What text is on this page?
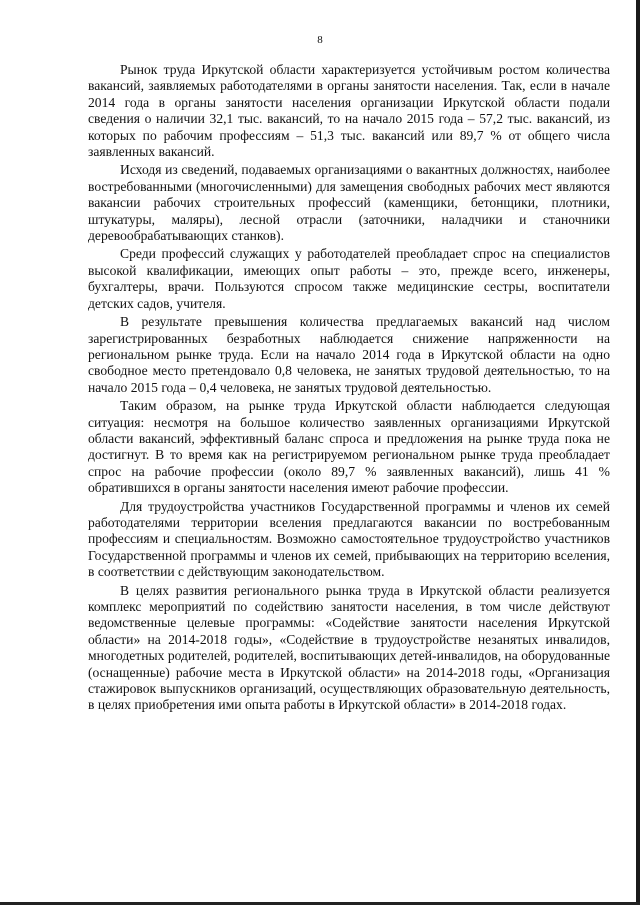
8

Рынок труда Иркутской области характеризуется устойчивым ростом количества вакансий, заявляемых работодателями в органы занятости населения. Так, если в начале 2014 года в органы занятости населения организации Иркутской области подали сведения о наличии 32,1 тыс. вакансий, то на начало 2015 года – 57,2 тыс. вакансий, из которых по рабочим профессиям – 51,3 тыс. вакансий или 89,7 % от общего числа заявленных вакансий.

Исходя из сведений, подаваемых организациями о вакантных должностях, наиболее востребованными (многочисленными) для замещения свободных рабочих мест являются вакансии рабочих строительных профессий (каменщики, бетонщики, плотники, штукатуры, маляры), лесной отрасли (заточники, наладчики и станочники деревообрабатывающих станков).

Среди профессий служащих у работодателей преобладает спрос на специалистов высокой квалификации, имеющих опыт работы – это, прежде всего, инженеры, бухгалтеры, врачи. Пользуются спросом также медицинские сестры, воспитатели детских садов, учителя.

В результате превышения количества предлагаемых вакансий над числом зарегистрированных безработных наблюдается снижение напряженности на региональном рынке труда. Если на начало 2014 года в Иркутской области на одно свободное место претендовало 0,8 человека, не занятых трудовой деятельностью, то на начало 2015 года – 0,4 человека, не занятых трудовой деятельностью.

Таким образом, на рынке труда Иркутской области наблюдается следующая ситуация: несмотря на большое количество заявленных организациями Иркутской области вакансий, эффективный баланс спроса и предложения на рынке труда пока не достигнут. В то время как на регистрируемом региональном рынке труда преобладает спрос на рабочие профессии (около 89,7 % заявленных вакансий), лишь 41 % обратившихся в органы занятости населения имеют рабочие профессии.

Для трудоустройства участников Государственной программы и членов их семей работодателями территории вселения предлагаются вакансии по востребованным профессиям и специальностям. Возможно самостоятельное трудоустройство участников Государственной программы и членов их семей, прибывающих на территорию вселения, в соответствии с действующим законодательством.

В целях развития регионального рынка труда в Иркутской области реализуется комплекс мероприятий по содействию занятости населения, в том числе действуют ведомственные целевые программы: «Содействие занятости населения Иркутской области» на 2014-2018 годы», «Содействие в трудоустройстве незанятых инвалидов, многодетных родителей, родителей, воспитывающих детей-инвалидов, на оборудованные (оснащенные) рабочие места в Иркутской области» на 2014-2018 годы, «Организация стажировок выпускников организаций, осуществляющих образовательную деятельность, в целях приобретения ими опыта работы в Иркутской области» в 2014-2018 годах.
